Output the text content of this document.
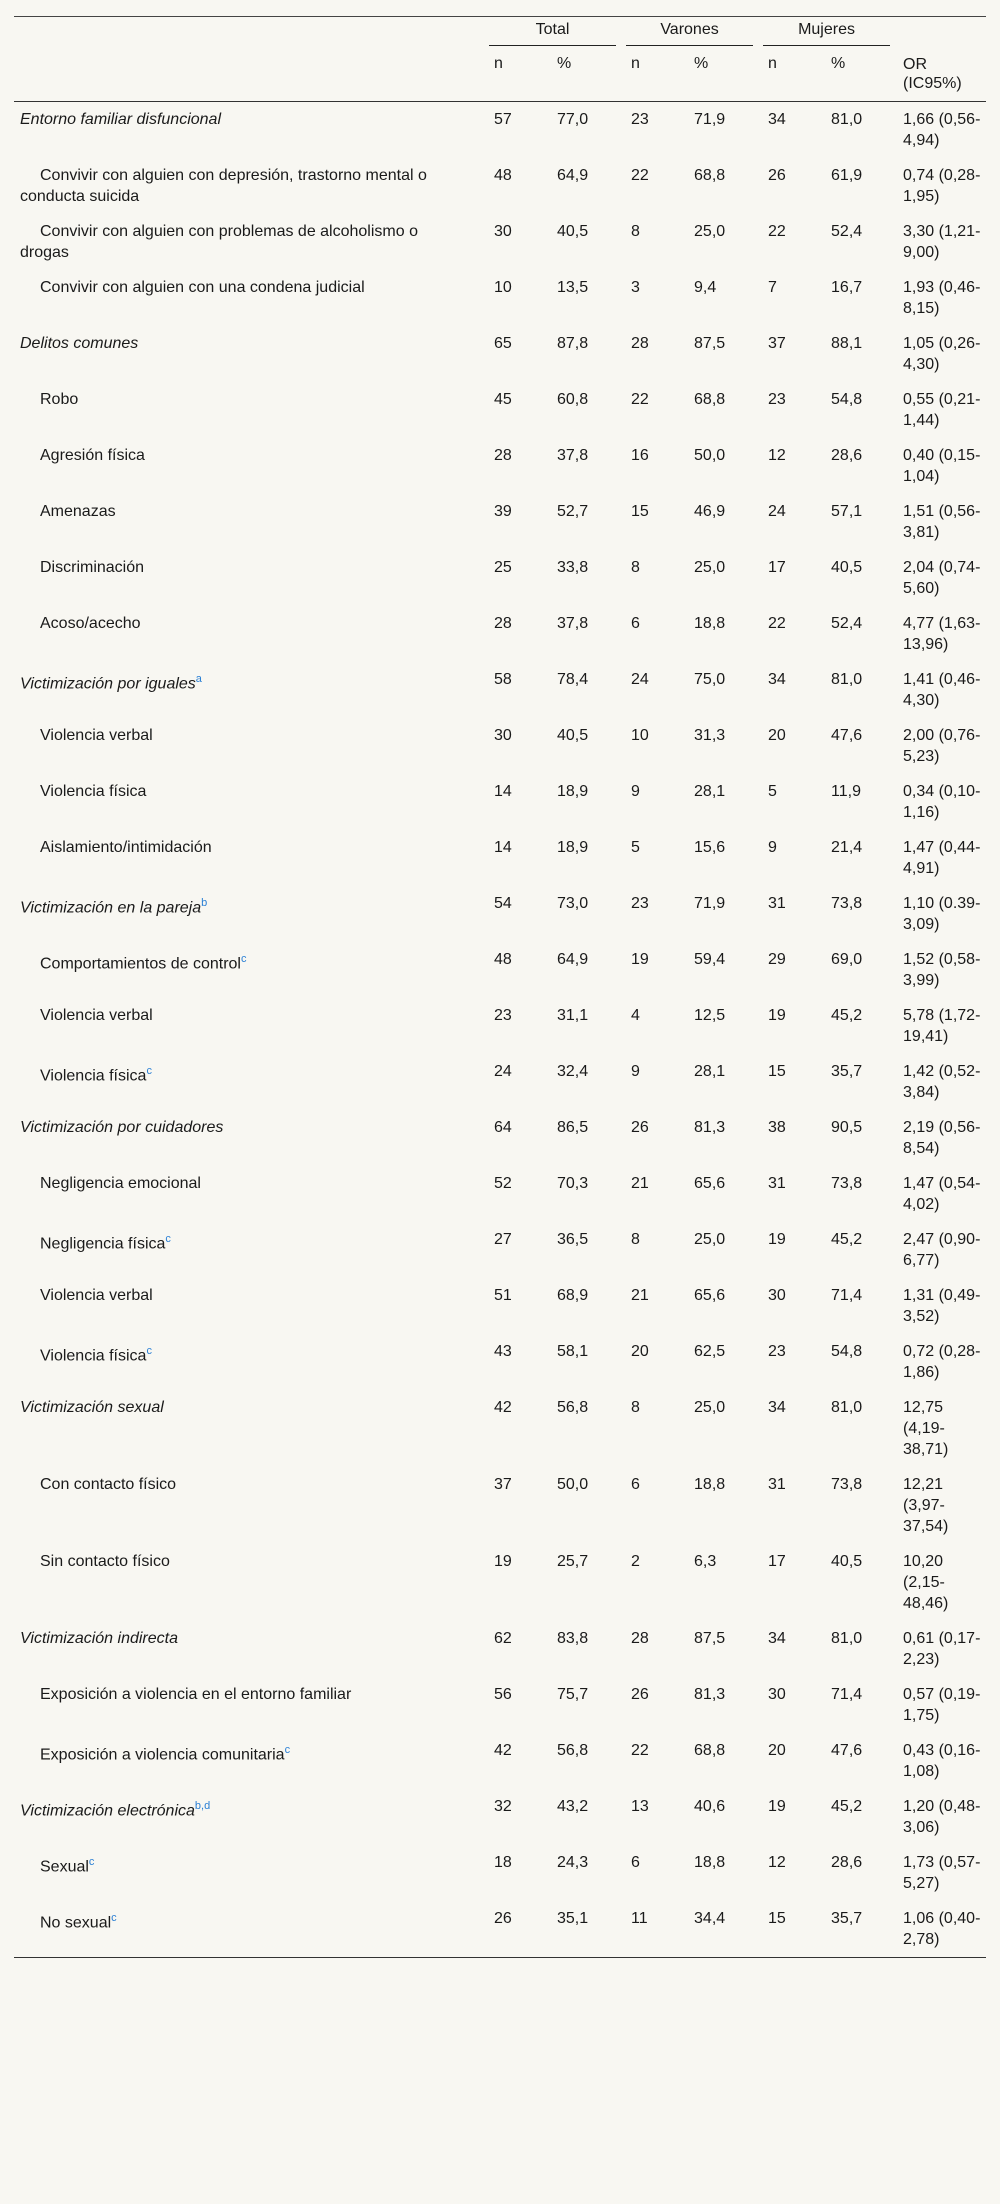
	Total		Varones		Mujeres		

	n	%	n	%	n	%	OR
(IC95%)

Entorno familiar disfuncional	57	77,0	23	71,9	34	81,0	1,66 (0,56-4,94)
Convivir con alguien con depresión, trastorno mental o conducta suicida	48	64,9	22	68,8	26	61,9	0,74 (0,28-1,95)
Convivir con alguien con problemas de alcoholismo o drogas	30	40,5	8	25,0	22	52,4	3,30 (1,21-9,00)
Convivir con alguien con una condena judicial	10	13,5	3	9,4	7	16,7	1,93 (0,46-8,15)
Delitos comunes	65	87,8	28	87,5	37	88,1	1,05 (0,26-4,30)
Robo	45	60,8	22	68,8	23	54,8	0,55 (0,21-1,44)
Agresión física	28	37,8	16	50,0	12	28,6	0,40 (0,15-1,04)
Amenazas	39	52,7	15	46,9	24	57,1	1,51 (0,56-3,81)
Discriminación	25	33,8	8	25,0	17	40,5	2,04 (0,74-5,60)
Acoso/acecho	28	37,8	6	18,8	22	52,4	4,77 (1,63-13,96)
Victimización por iguales$^a$	58	78,4	24	75,0	34	81,0	1,41 (0,46-4,30)
Violencia verbal	30	40,5	10	31,3	20	47,6	2,00 (0,76-5,23)
Violencia física	14	18,9	9	28,1	5	11,9	0,34 (0,10-1,16)
Aislamiento/intimidación	14	18,9	5	15,6	9	21,4	1,47 (0,44-4,91)
Victimización en la pareja$^b$	54	73,0	23	71,9	31	73,8	1,10 (0.39-3,09)
Comportamientos de control$^c$	48	64,9	19	59,4	29	69,0	1,52 (0,58-3,99)
Violencia verbal	23	31,1	4	12,5	19	45,2	5,78 (1,72-19,41)
Violencia física$^c$	24	32,4	9	28,1	15	35,7	1,42 (0,52-3,84)
Victimización por cuidadores	64	86,5	26	81,3	38	90,5	2,19 (0,56-8,54)
Negligencia emocional	52	70,3	21	65,6	31	73,8	1,47 (0,54-4,02)
Negligencia física$^c$	27	36,5	8	25,0	19	45,2	2,47 (0,90-6,77)
Violencia verbal	51	68,9	21	65,6	30	71,4	1,31 (0,49-3,52)
Violencia física$^c$	43	58,1	20	62,5	23	54,8	0,72 (0,28-1,86)
Victimización sexual	42	56,8	8	25,0	34	81,0	12,75 (4,19-38,71)
Con contacto físico	37	50,0	6	18,8	31	73,8	12,21 (3,97-37,54)
Sin contacto físico	19	25,7	2	6,3	17	40,5	10,20 (2,15-48,46)
Victimización indirecta	62	83,8	28	87,5	34	81,0	0,61 (0,17-2,23)
Exposición a violencia en el entorno familiar	56	75,7	26	81,3	30	71,4	0,57 (0,19-1,75)
Exposición a violencia comunitaria$^c$	42	56,8	22	68,8	20	47,6	0,43 (0,16-1,08)
Victimización electrónica$^{b,d}$	32	43,2	13	40,6	19	45,2	1,20 (0,48-3,06)
Sexual$^c$	18	24,3	6	18,8	12	28,6	1,73 (0,57-5,27)
No sexual$^c$	26	35,1	11	34,4	15	35,7	1,06 (0,40-2,78)
